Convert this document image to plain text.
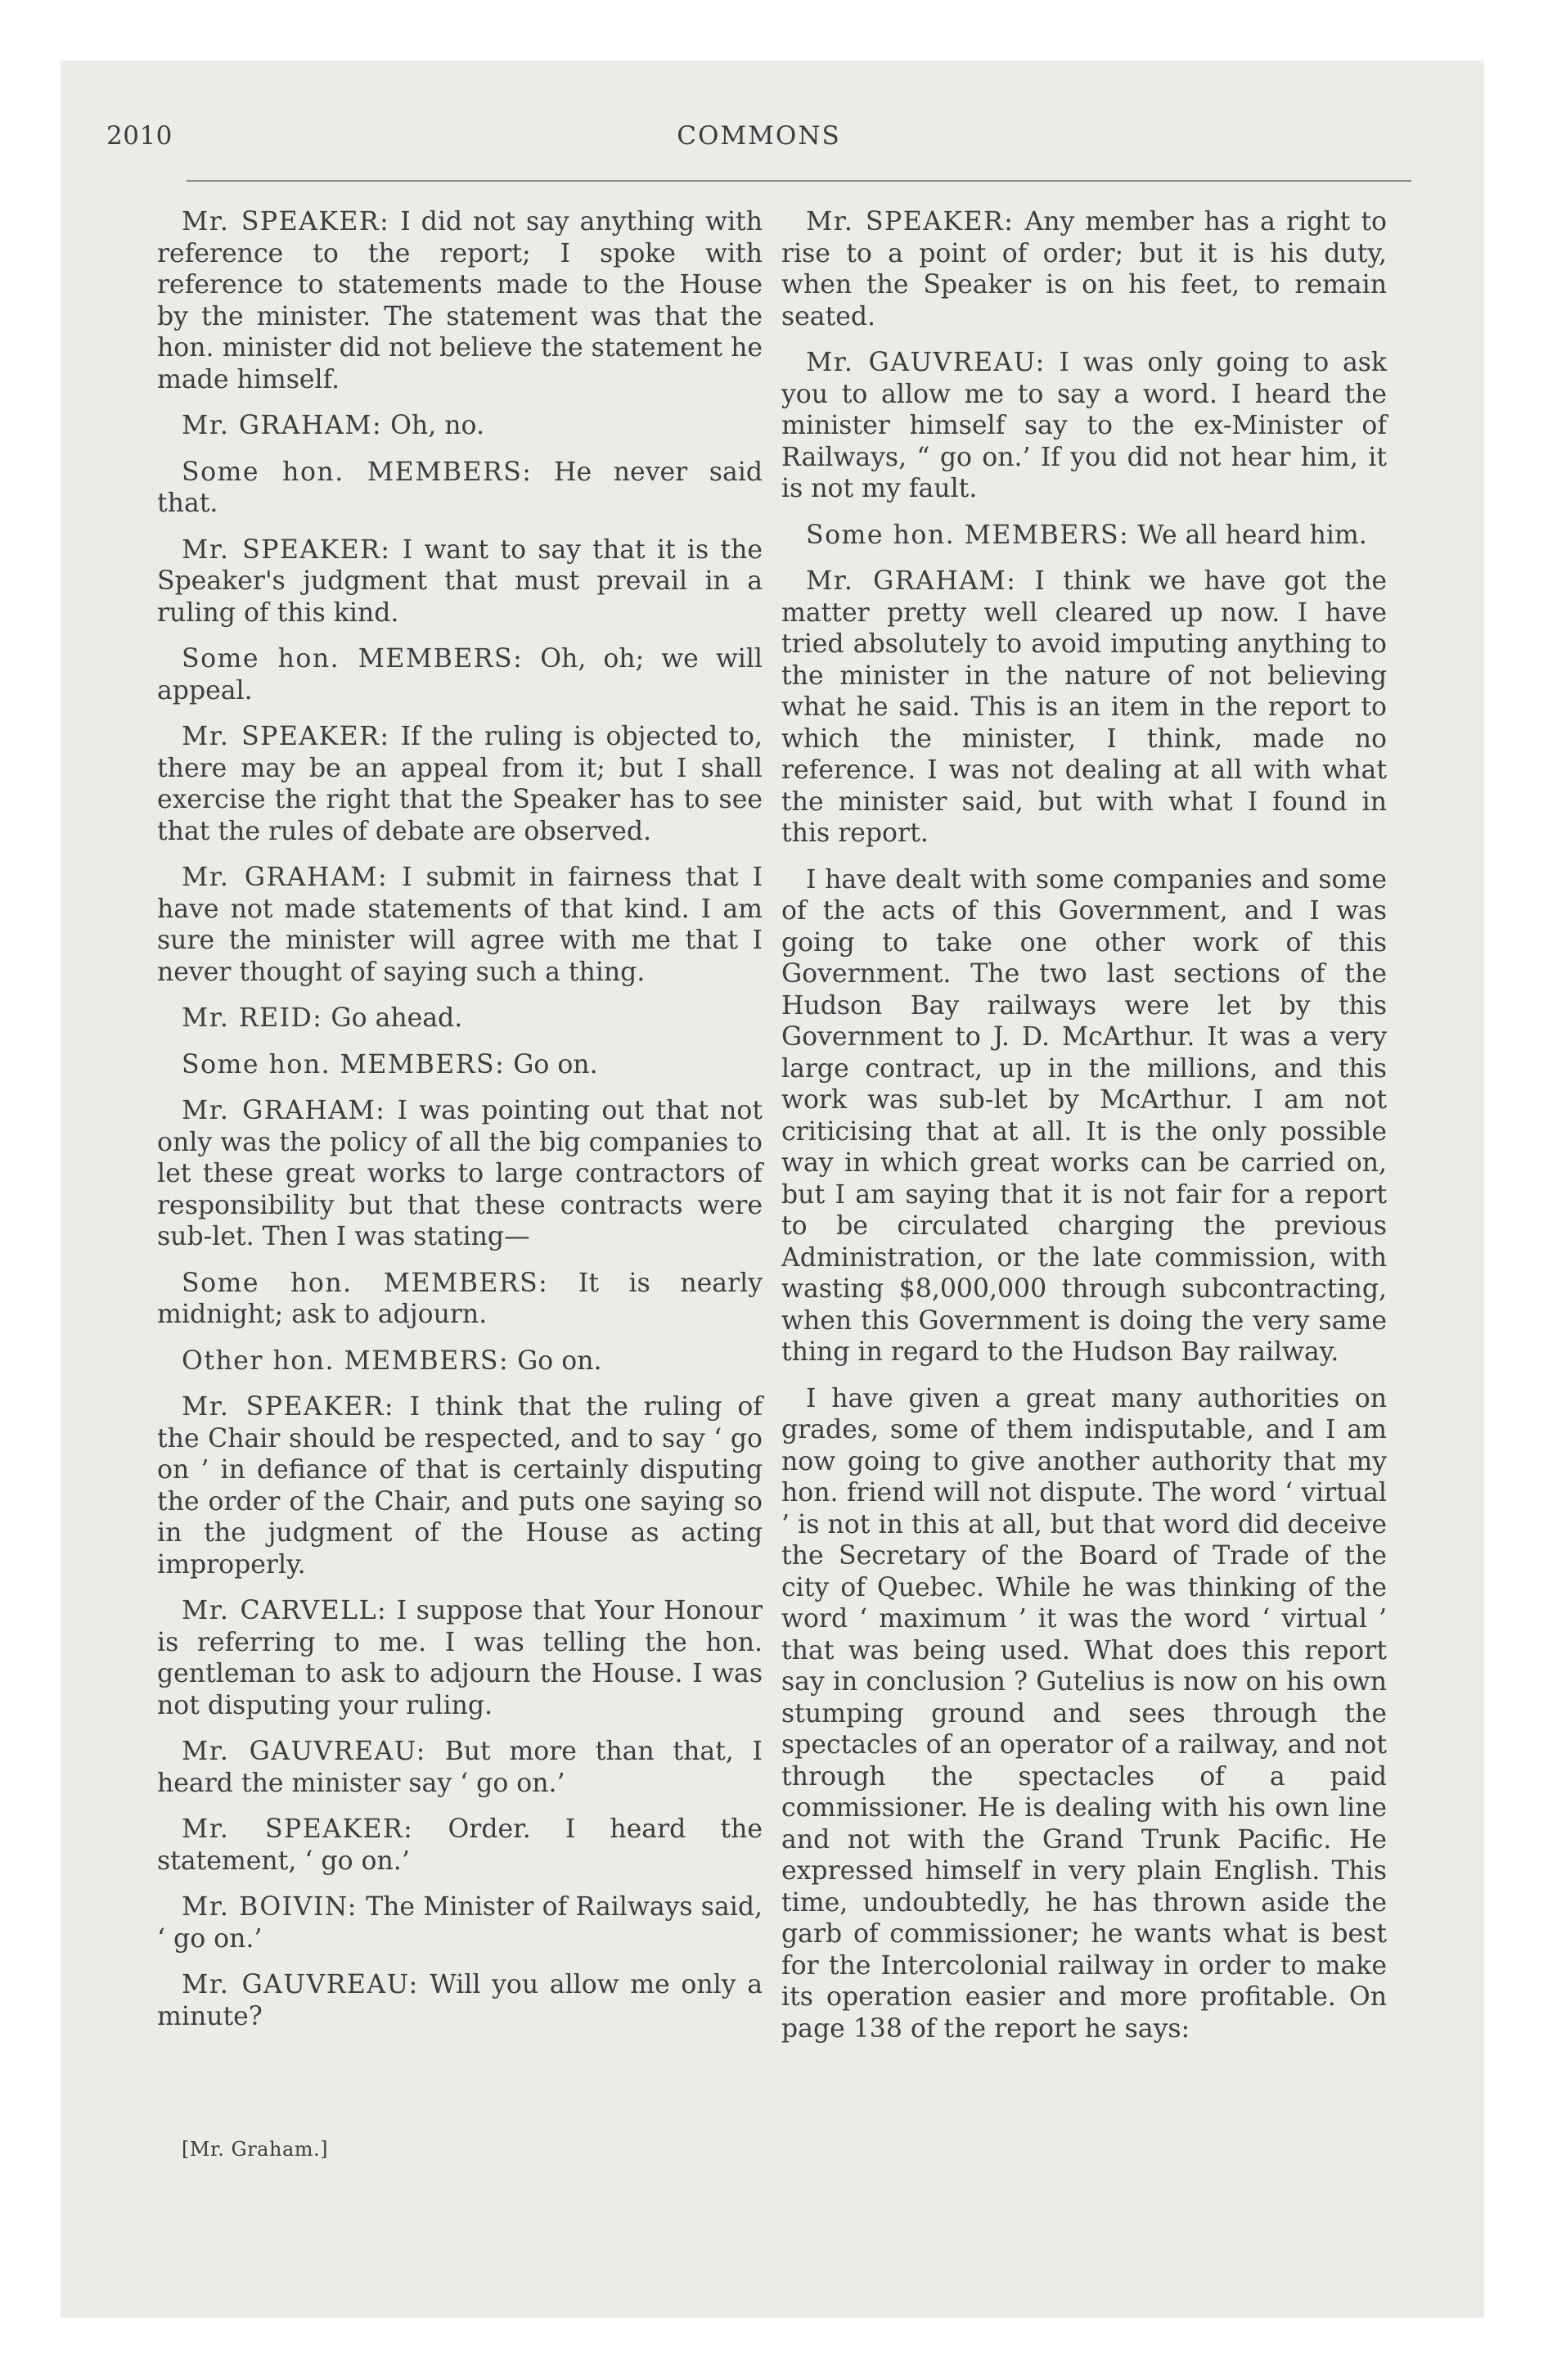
2010	COMMONS

Mr. SPEAKER: I did not say anything with reference to the report; I spoke with reference to statements made to the House by the minister. The statement was that the hon. minister did not believe the statement he made himself.

Mr. GRAHAM: Oh, no.

Some hon. MEMBERS: He never said that.

Mr. SPEAKER: I want to say that it is the Speaker's judgment that must prevail in a ruling of this kind.

Some hon. MEMBERS: Oh, oh; we will appeal.

Mr. SPEAKER: If the ruling is objected to, there may be an appeal from it; but I shall exercise the right that the Speaker has to see that the rules of debate are observed.

Mr. GRAHAM: I submit in fairness that I have not made statements of that kind. I am sure the minister will agree with me that I never thought of saying such a thing.

Mr. REID: Go ahead.

Some hon. MEMBERS: Go on.

Mr. GRAHAM: I was pointing out that not only was the policy of all the big companies to let these great works to large contractors of responsibility but that these contracts were sub-let. Then I was stating—

Some hon. MEMBERS: It is nearly midnight; ask to adjourn.

Other hon. MEMBERS: Go on.

Mr. SPEAKER: I think that the ruling of the Chair should be respected, and to say ‘ go on ’ in defiance of that is certainly disputing the order of the Chair, and puts one saying so in the judgment of the House as acting improperly.

Mr. CARVELL: I suppose that Your Honour is referring to me. I was telling the hon. gentleman to ask to adjourn the House. I was not disputing your ruling.

Mr. GAUVREAU: But more than that, I heard the minister say ‘ go on.’

Mr. SPEAKER: Order. I heard the statement, ‘ go on.’

Mr. BOIVIN: The Minister of Railways said, ‘ go on.’

Mr. GAUVREAU: Will you allow me only a minute?

Mr. SPEAKER: Any member has a right to rise to a point of order; but it is his duty, when the Speaker is on his feet, to remain seated.

Mr. GAUVREAU: I was only going to ask you to allow me to say a word. I heard the minister himself say to the ex-Minister of Railways, “ go on.’ If you did not hear him, it is not my fault.

Some hon. MEMBERS: We all heard him.

Mr. GRAHAM: I think we have got the matter pretty well cleared up now. I have tried absolutely to avoid imputing anything to the minister in the nature of not believing what he said. This is an item in the report to which the minister, I think, made no reference. I was not dealing at all with what the minister said, but with what I found in this report.

I have dealt with some companies and some of the acts of this Government, and I was going to take one other work of this Government. The two last sections of the Hudson Bay railways were let by this Government to J. D. McArthur. It was a very large contract, up in the millions, and this work was sub-let by McArthur. I am not criticising that at all. It is the only possible way in which great works can be carried on, but I am saying that it is not fair for a report to be circulated charging the previous Administration, or the late commission, with wasting $8,000,000 through subcontracting, when this Government is doing the very same thing in regard to the Hudson Bay railway.

I have given a great many authorities on grades, some of them indisputable, and I am now going to give another authority that my hon. friend will not dispute. The word ‘ virtual ’ is not in this at all, but that word did deceive the Secretary of the Board of Trade of the city of Quebec. While he was thinking of the word ‘ maximum ’ it was the word ‘ virtual ’ that was being used. What does this report say in conclusion ? Gutelius is now on his own stumping ground and sees through the spectacles of an operator of a railway, and not through the spectacles of a paid commissioner. He is dealing with his own line and not with the Grand Trunk Pacific. He expressed himself in very plain English. This time, undoubtedly, he has thrown aside the garb of commissioner; he wants what is best for the Intercolonial railway in order to make its operation easier and more profitable. On page 138 of the report he says:

[Mr. Graham.]
